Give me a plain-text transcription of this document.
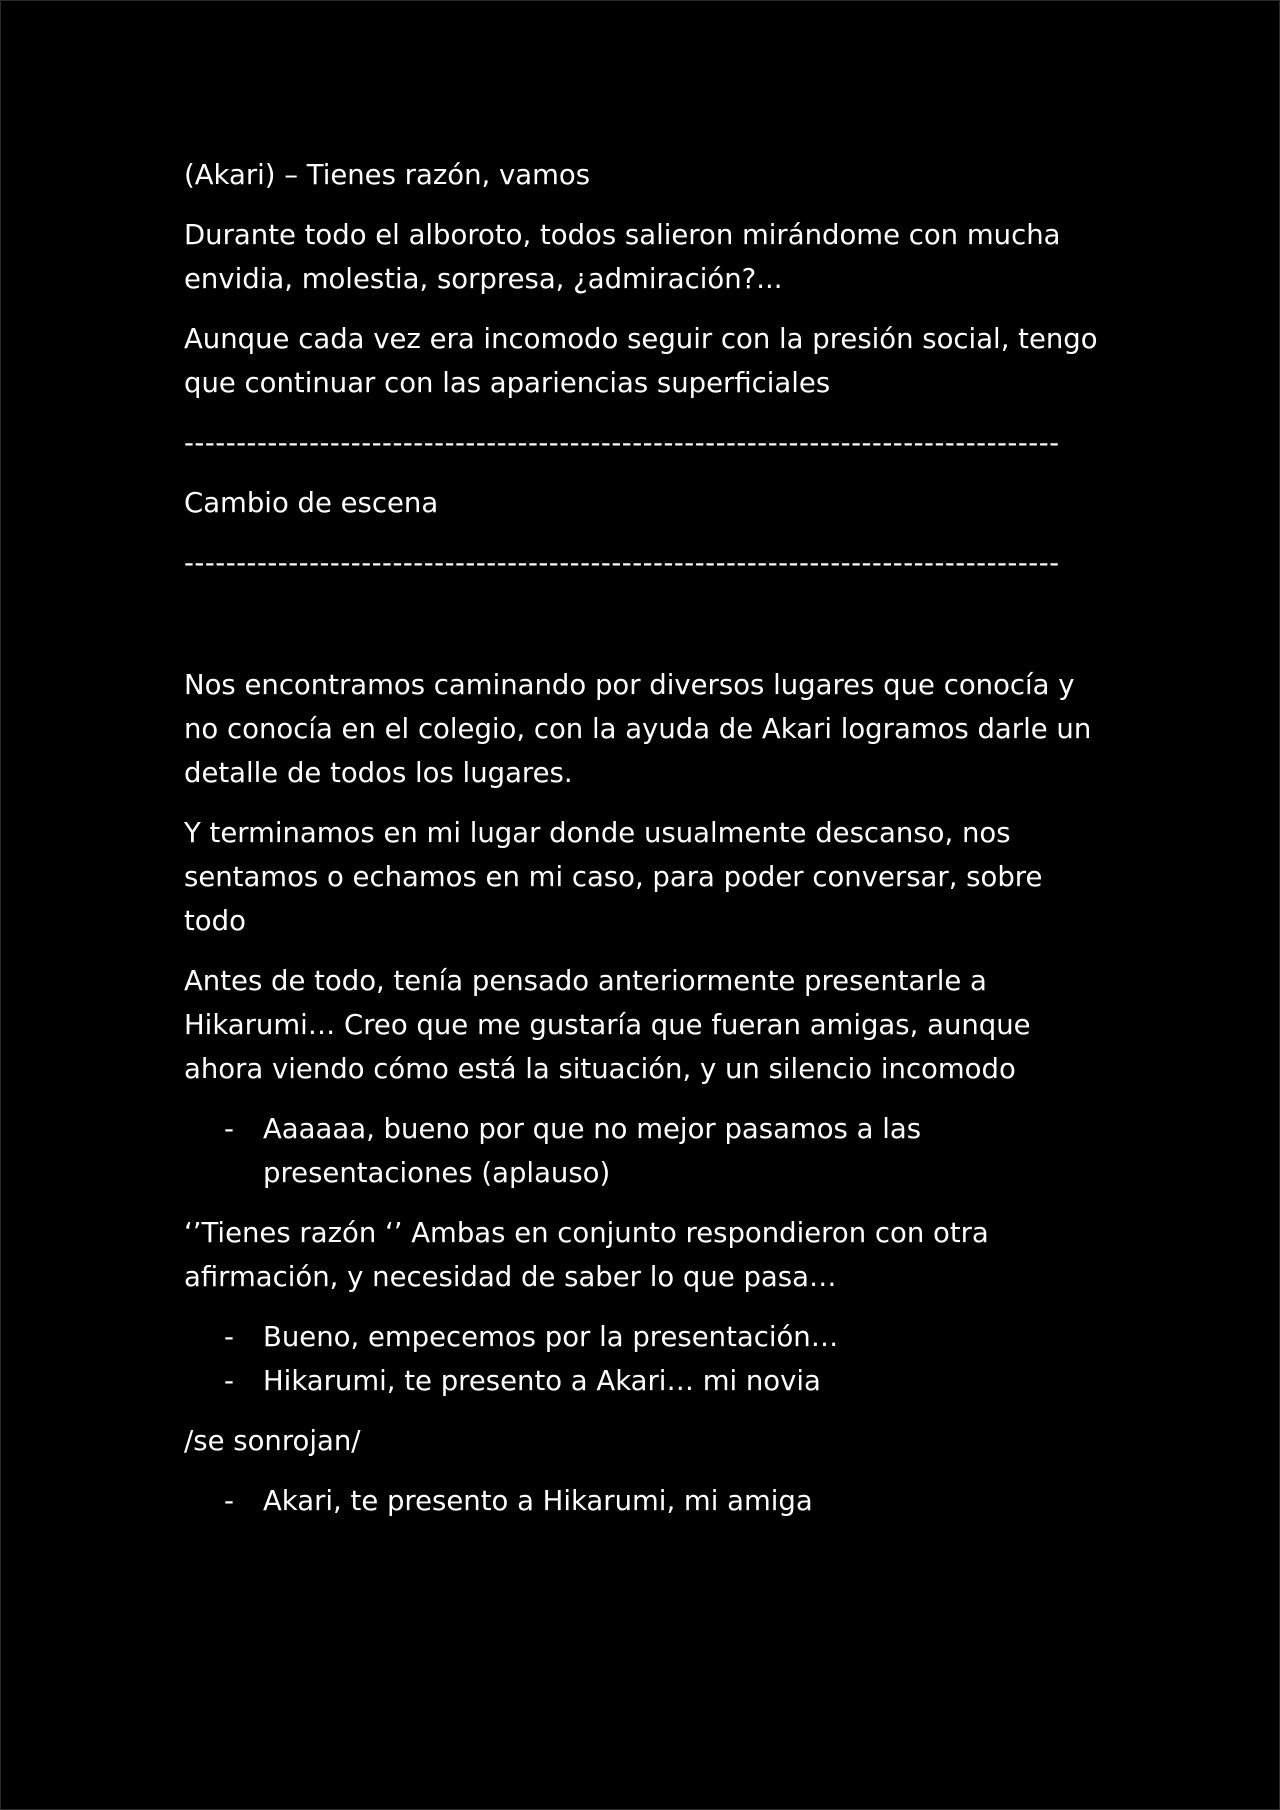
(Akari) – Tienes razón, vamos

Durante todo el alboroto, todos salieron mirándome con mucha envidia, molestia, sorpresa, ¿admiración?...

Aunque cada vez era incomodo seguir con la presión social, tengo que continuar con las apariencias superficiales

------------------------------------------------------------------------------------
Cambio de escena
------------------------------------------------------------------------------------

Nos encontramos caminando por diversos lugares que conocía y no conocía en el colegio, con la ayuda de Akari logramos darle un detalle de todos los lugares.

Y terminamos en mi lugar donde usualmente descanso, nos sentamos o echamos en mi caso, para poder conversar, sobre todo

Antes de todo, tenía pensado anteriormente presentarle a Hikarumi… Creo que me gustaría que fueran amigas, aunque ahora viendo cómo está la situación, y un silencio incomodo

- Aaaaaa, bueno por que no mejor pasamos a las presentaciones (aplauso)

‘’Tienes razón ‘’ Ambas en conjunto respondieron con otra afirmación, y necesidad de saber lo que pasa…

- Bueno, empecemos por la presentación…
- Hikarumi, te presento a Akari… mi novia

/se sonrojan/

- Akari, te presento a Hikarumi, mi amiga
